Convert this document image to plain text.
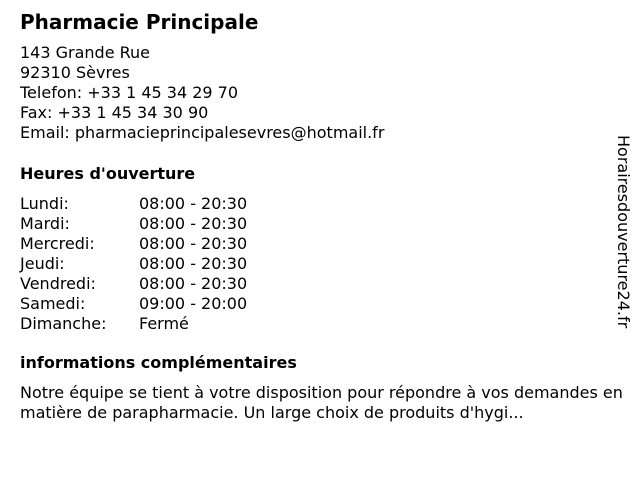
Pharmacie Principale
143 Grande Rue
92310 Sèvres
Telefon: +33 1 45 34 29 70
Fax: +33 1 45 34 30 90
Email: pharmacieprincipalesevres@hotmail.fr
Heures d'ouverture
Lundi:	08:00 - 20:30
Mardi:	08:00 - 20:30
Mercredi:	08:00 - 20:30
Jeudi:	08:00 - 20:30
Vendredi:	08:00 - 20:30
Samedi:	09:00 - 20:00
Dimanche: Fermé
informations complémentaires
Notre équipe se tient à votre disposition pour répondre à vos demandes en matière de parapharmacie. Un large choix de produits d'hygi...
Horairesdouverture24.fr
